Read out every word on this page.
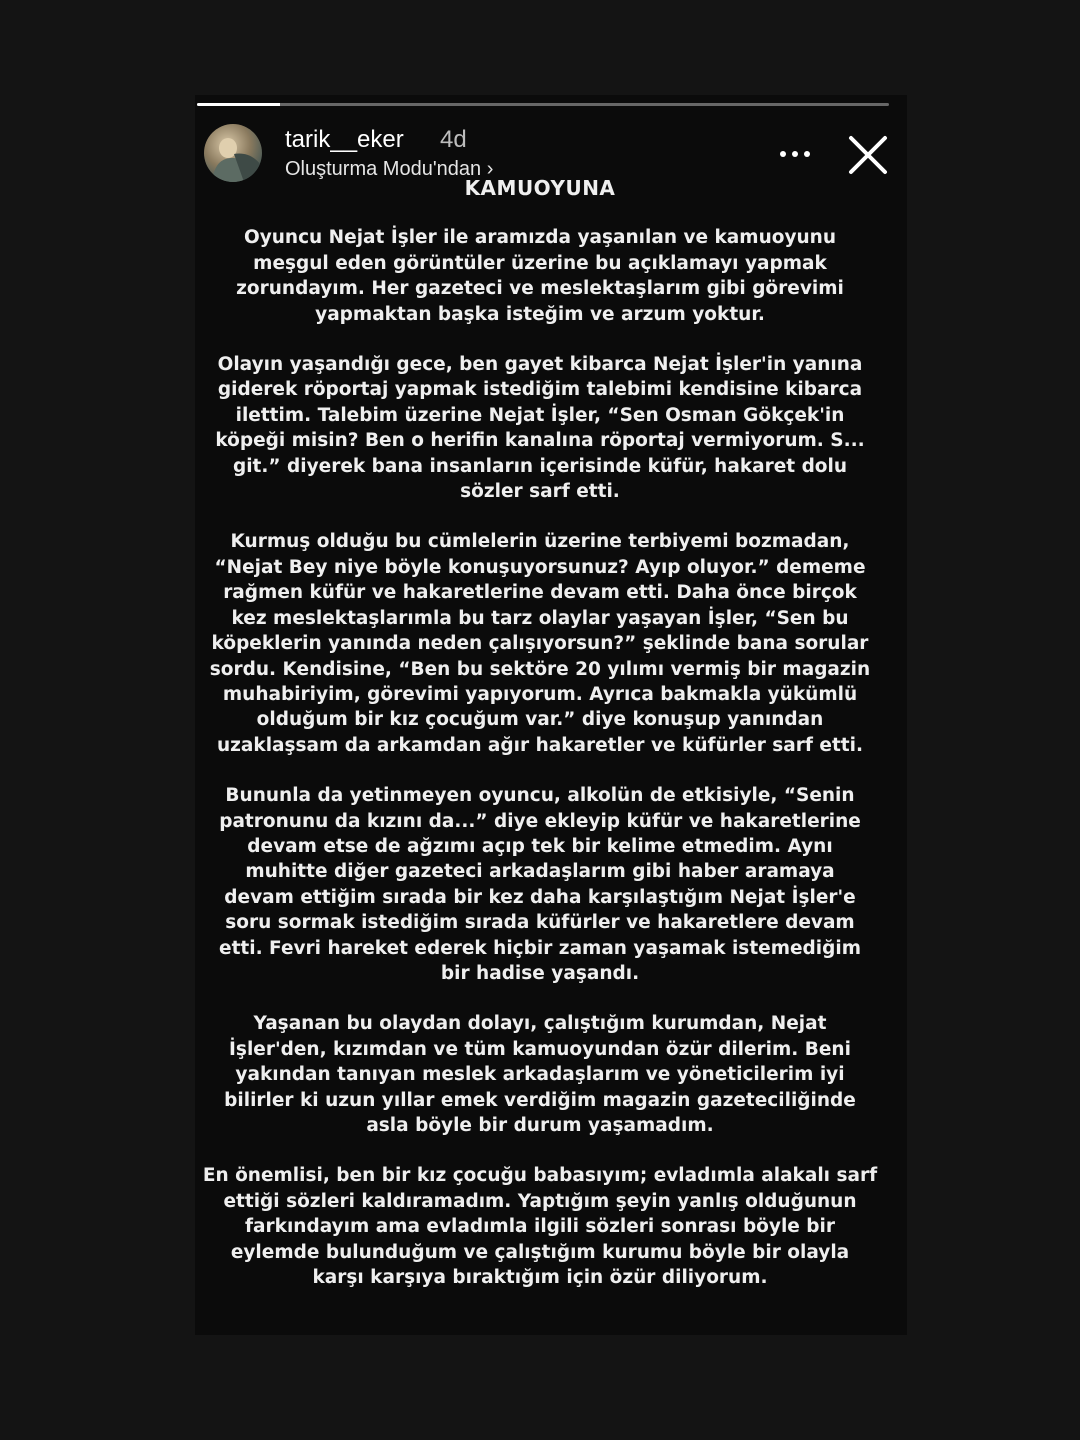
tarik__eker 4d
Oluşturma Modu'ndan ›
KAMUOYUNA
Oyuncu Nejat İşler ile aramızda yaşanılan ve kamuoyunu
meşgul eden görüntüler üzerine bu açıklamayı yapmak
zorundayım. Her gazeteci ve meslektaşlarım gibi görevimi
yapmaktan başka isteğim ve arzum yoktur.
Olayın yaşandığı gece, ben gayet kibarca Nejat İşler'in yanına
giderek röportaj yapmak istediğim talebimi kendisine kibarca
ilettim. Talebim üzerine Nejat İşler, “Sen Osman Gökçek'in
köpeği misin? Ben o herifin kanalına röportaj vermiyorum. S...
git.” diyerek bana insanların içerisinde küfür, hakaret dolu
sözler sarf etti.
Kurmuş olduğu bu cümlelerin üzerine terbiyemi bozmadan,
“Nejat Bey niye böyle konuşuyorsunuz? Ayıp oluyor.” dememe
rağmen küfür ve hakaretlerine devam etti. Daha önce birçok
kez meslektaşlarımla bu tarz olaylar yaşayan İşler, “Sen bu
köpeklerin yanında neden çalışıyorsun?” şeklinde bana sorular
sordu. Kendisine, “Ben bu sektöre 20 yılımı vermiş bir magazin
muhabiriyim, görevimi yapıyorum. Ayrıca bakmakla yükümlü
olduğum bir kız çocuğum var.” diye konuşup yanından
uzaklaşsam da arkamdan ağır hakaretler ve küfürler sarf etti.
Bununla da yetinmeyen oyuncu, alkolün de etkisiyle, “Senin
patronunu da kızını da...” diye ekleyip küfür ve hakaretlerine
devam etse de ağzımı açıp tek bir kelime etmedim. Aynı
muhitte diğer gazeteci arkadaşlarım gibi haber aramaya
devam ettiğim sırada bir kez daha karşılaştığım Nejat İşler'e
soru sormak istediğim sırada küfürler ve hakaretlere devam
etti. Fevri hareket ederek hiçbir zaman yaşamak istemediğim
bir hadise yaşandı.
Yaşanan bu olaydan dolayı, çalıştığım kurumdan, Nejat
İşler'den, kızımdan ve tüm kamuoyundan özür dilerim. Beni
yakından tanıyan meslek arkadaşlarım ve yöneticilerim iyi
bilirler ki uzun yıllar emek verdiğim magazin gazeteciliğinde
asla böyle bir durum yaşamadım.
En önemlisi, ben bir kız çocuğu babasıyım; evladımla alakalı sarf
ettiği sözleri kaldıramadım. Yaptığım şeyin yanlış olduğunun
farkındayım ama evladımla ilgili sözleri sonrası böyle bir
eylemde bulunduğum ve çalıştığım kurumu böyle bir olayla
karşı karşıya bıraktığım için özür diliyorum.
